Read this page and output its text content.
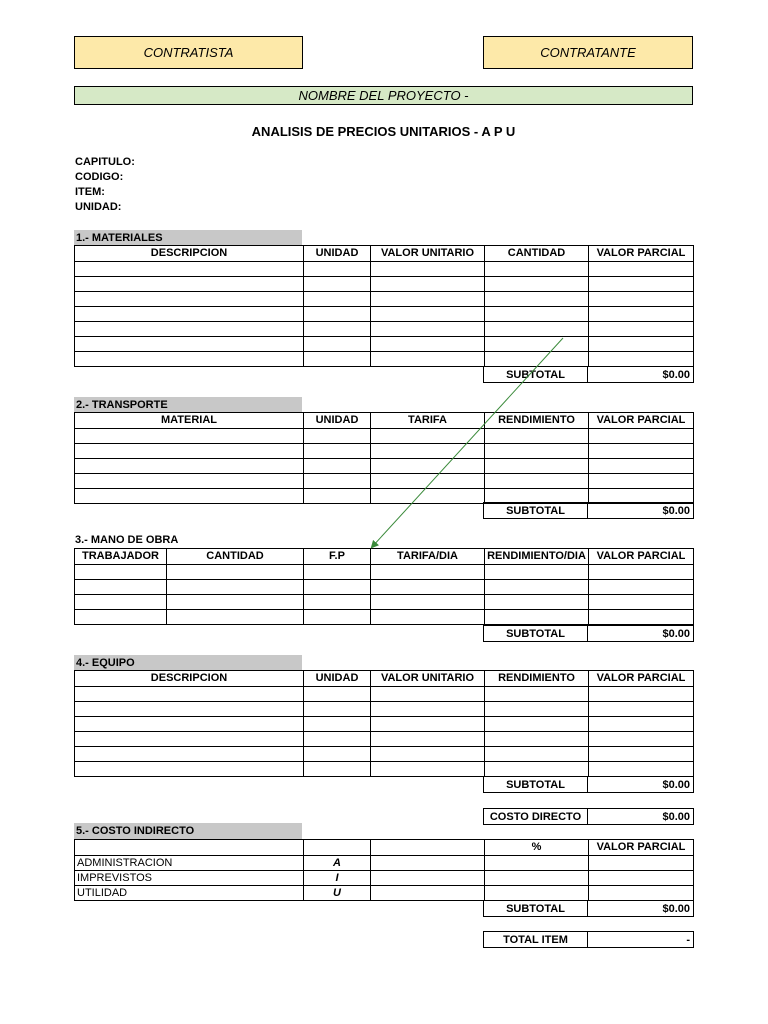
CONTRATISTA	CONTRATANTE
NOMBRE DEL PROYECTO -
ANALISIS DE PRECIOS UNITARIOS - A P U
CAPITULO:
CODIGO:
ITEM:
UNIDAD:
1.- MATERIALES
DESCRIPCION	UNIDAD	VALOR UNITARIO	CANTIDAD	VALOR PARCIAL

SUBTOTAL	$0.00
2.- TRANSPORTE
MATERIAL	UNIDAD	TARIFA	RENDIMIENTO	VALOR PARCIAL

SUBTOTAL	$0.00
3.- MANO DE OBRA
TRABAJADOR	CANTIDAD	F.P	TARIFA/DIA	RENDIMIENTO/DIA	VALOR PARCIAL

SUBTOTAL	$0.00
4.- EQUIPO
DESCRIPCION	UNIDAD	VALOR UNITARIO	RENDIMIENTO	VALOR PARCIAL

SUBTOTAL	$0.00
COSTO DIRECTO	$0.00
5.- COSTO INDIRECTO
			%	VALOR PARCIAL
ADMINISTRACION	A			
IMPREVISTOS	I			
UTILIDAD	U			
SUBTOTAL	$0.00
TOTAL ITEM	-
